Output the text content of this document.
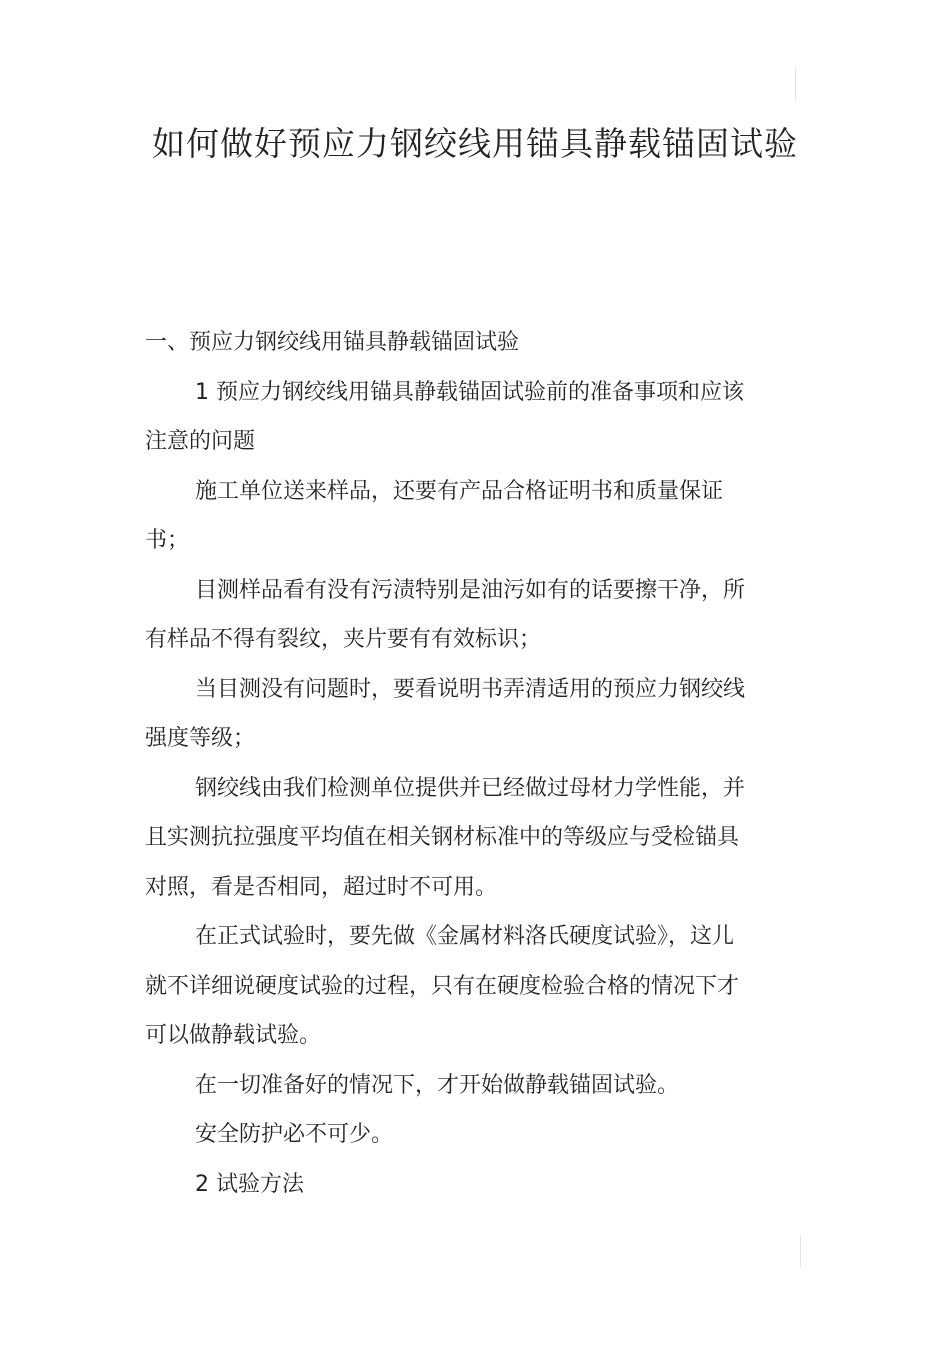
如何做好预应力钢绞线用锚具静载锚固试验

一、预应力钢绞线用锚具静载锚固试验

1 预应力钢绞线用锚具静载锚固试验前的准备事项和应该注意的问题

施工单位送来样品，还要有产品合格证明书和质量保证书；

目测样品看有没有污渍特别是油污如有的话要擦干净，所有样品不得有裂纹，夹片要有有效标识；

当目测没有问题时，要看说明书弄清适用的预应力钢绞线强度等级；

钢绞线由我们检测单位提供并已经做过母材力学性能，并且实测抗拉强度平均值在相关钢材标准中的等级应与受检锚具对照，看是否相同，超过时不可用。

在正式试验时，要先做《金属材料洛氏硬度试验》，这儿就不详细说硬度试验的过程，只有在硬度检验合格的情况下才可以做静载试验。

在一切准备好的情况下，才开始做静载锚固试验。

安全防护必不可少。

2 试验方法
